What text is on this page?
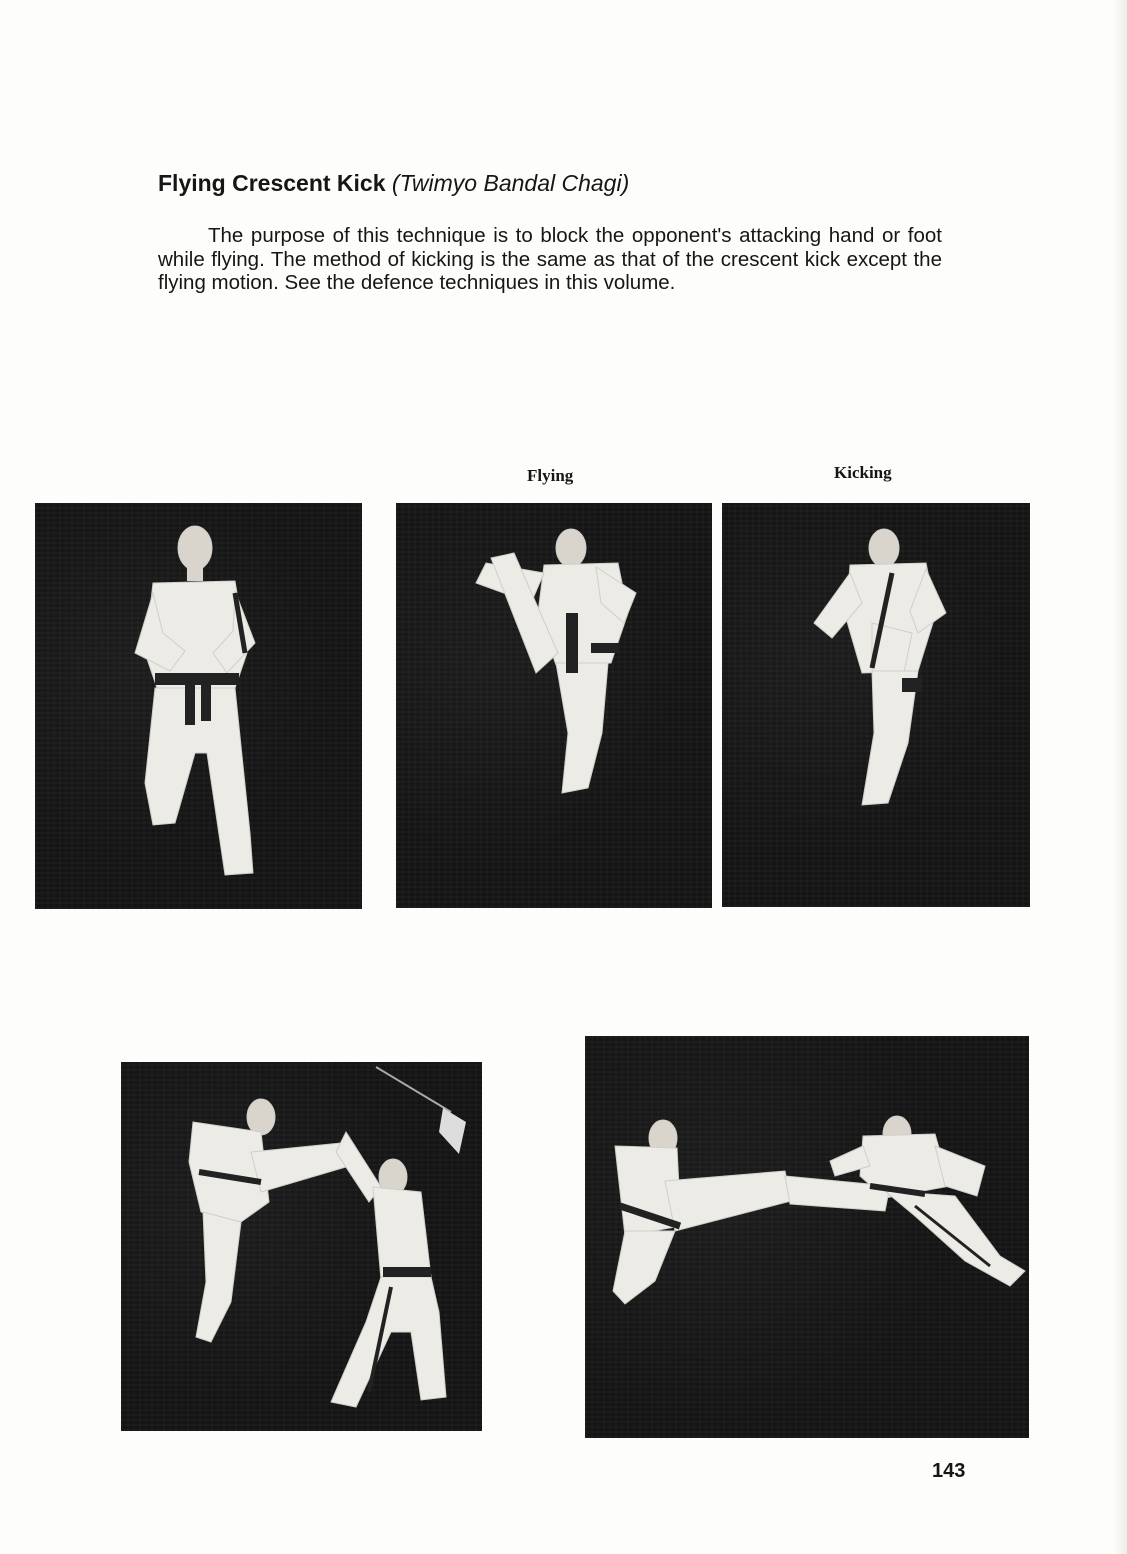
Flying Crescent Kick (Twimyo Bandal Chagi)

The purpose of this technique is to block the opponent's attacking hand or foot while flying. The method of kicking is the same as that of the crescent kick except the flying motion. See the defence techniques in this volume.

Flying	Kicking
143
